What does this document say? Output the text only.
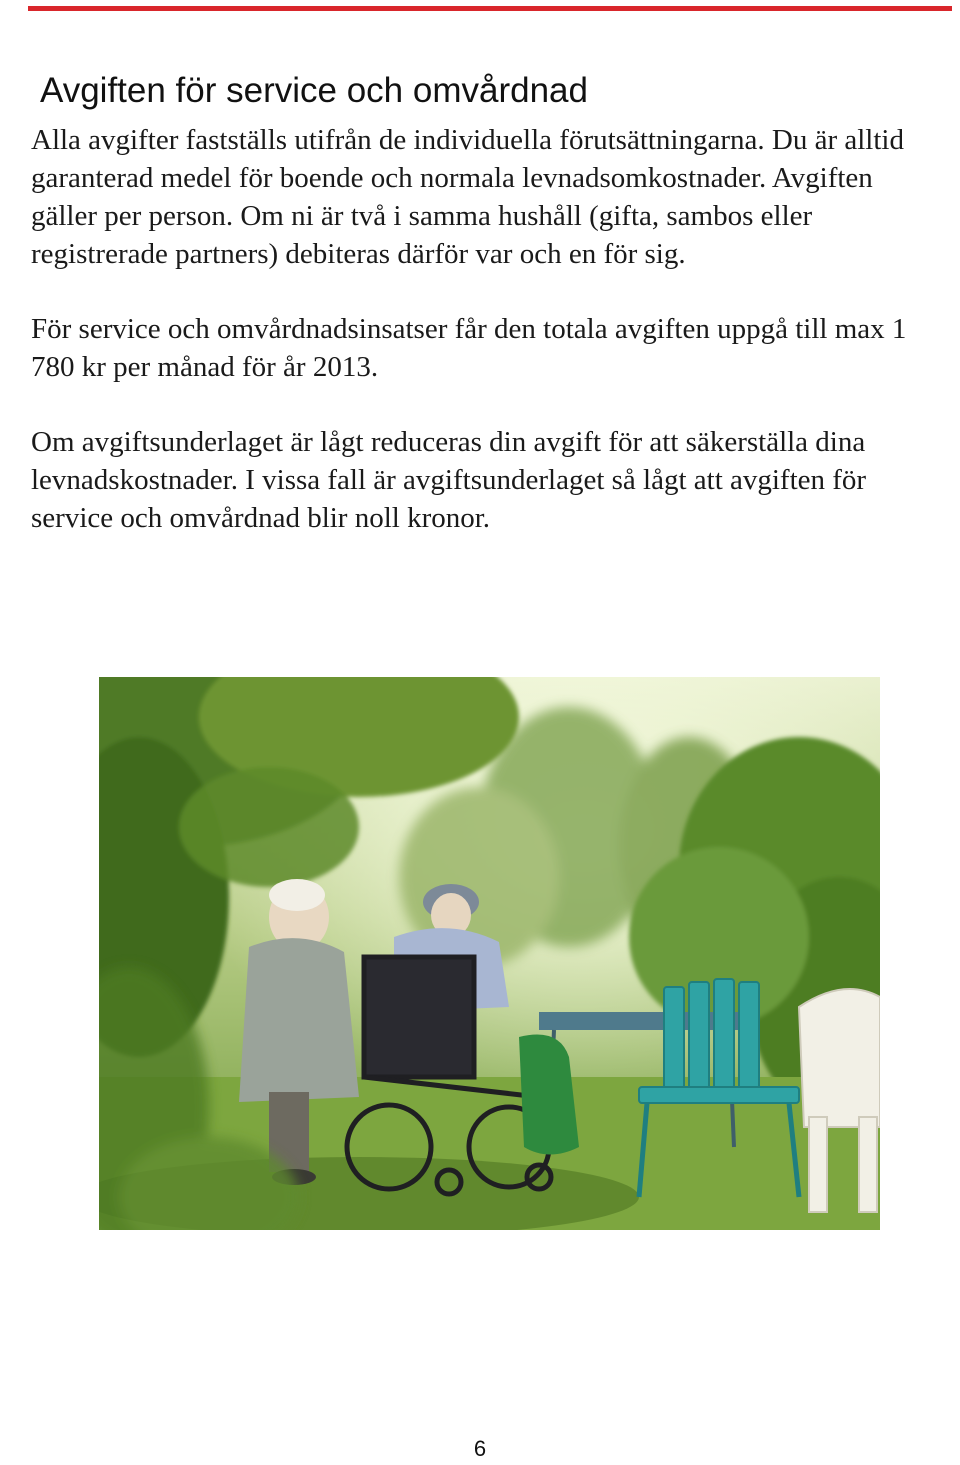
Avgiften för service och omvårdnad

Alla avgifter fastställs utifrån de individuella förutsättningarna. Du är alltid garanterad medel för boende och normala levnadsomkostnader. Avgiften gäller per person. Om ni är två i samma hushåll (gifta, sambos eller registrerade partners) debiteras därför var och en för sig.

För service och omvårdnadsinsatser får den totala avgiften uppgå till max 1 780 kr per månad för år 2013.

Om avgiftsunderlaget är lågt reduceras din avgift för att säkerställa dina levnadskostnader. I vissa fall är avgiftsunderlaget så lågt att avgiften för service och omvårdnad blir noll kronor.

6
